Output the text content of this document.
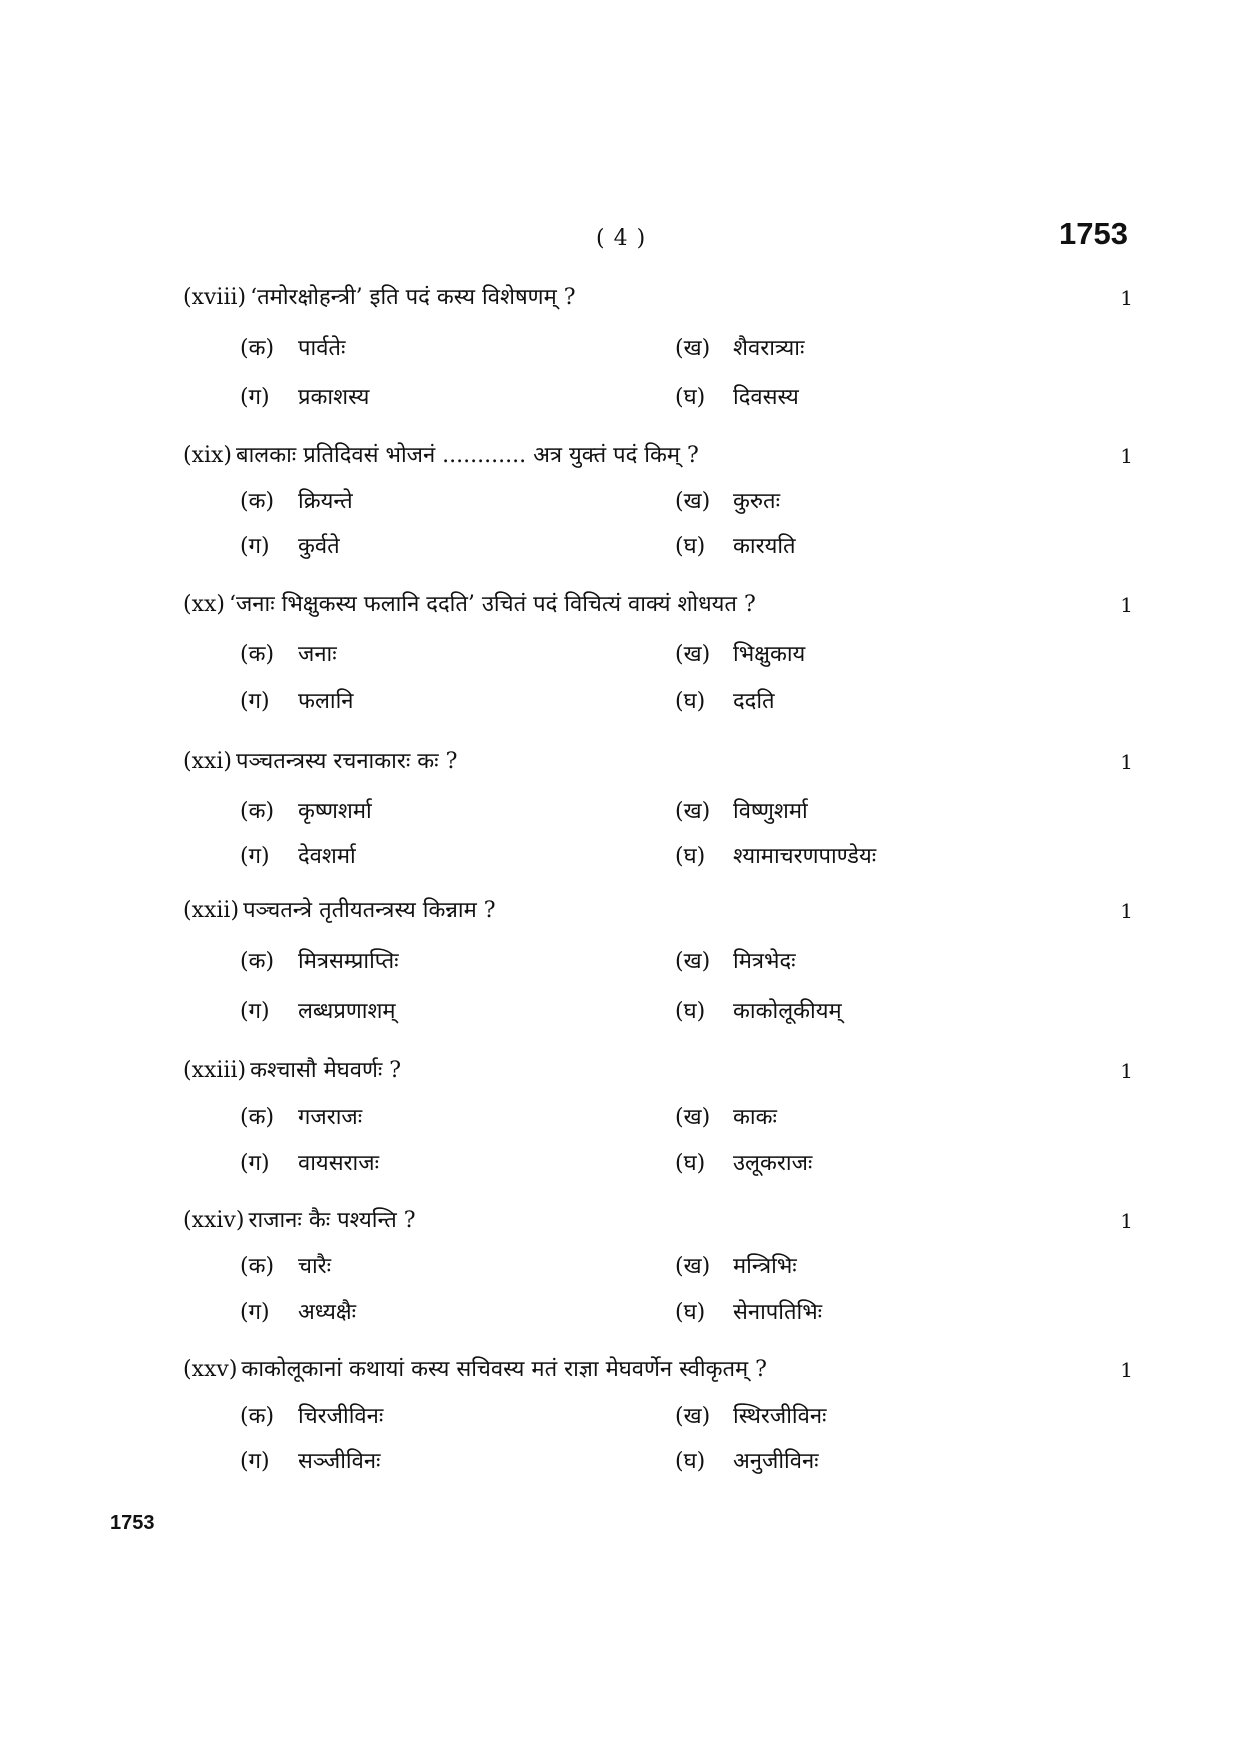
( 4 )	1753
(xviii) ‘तमोरक्षोहन्त्री’ इति पदं कस्य विशेषणम् ?	1
(क) पार्वतेः	(ख) शैवरात्र्याः
(ग) प्रकाशस्य	(घ) दिवसस्य
(xix) बालकाः प्रतिदिवसं भोजनं ............ अत्र युक्तं पदं किम् ?	1
(क) क्रियन्ते	(ख) कुरुतः
(ग) कुर्वते	(घ) कारयति
(xx) ‘जनाः भिक्षुकस्य फलानि ददति’ उचितं पदं विचित्यं वाक्यं शोधयत ?	1
(क) जनाः	(ख) भिक्षुकाय
(ग) फलानि	(घ) ददति
(xxi) पञ्चतन्त्रस्य रचनाकारः कः ?	1
(क) कृष्णशर्मा	(ख) विष्णुशर्मा
(ग) देवशर्मा	(घ) श्यामाचरणपाण्डेयः
(xxii) पञ्चतन्त्रे तृतीयतन्त्रस्य किन्नाम ?	1
(क) मित्रसम्प्राप्तिः	(ख) मित्रभेदः
(ग) लब्धप्रणाशम्	(घ) काकोलूकीयम्
(xxiii) कश्चासौ मेघवर्णः ?	1
(क) गजराजः	(ख) काकः
(ग) वायसराजः	(घ) उलूकराजः
(xxiv) राजानः कैः पश्यन्ति ?	1
(क) चारैः	(ख) मन्त्रिभिः
(ग) अध्यक्षैः	(घ) सेनापतिभिः
(xxv) काकोलूकानां कथायां कस्य सचिवस्य मतं राज्ञा मेघवर्णेन स्वीकृतम् ?	1
(क) चिरजीविनः	(ख) स्थिरजीविनः
(ग) सञ्जीविनः	(घ) अनुजीविनः
1753
